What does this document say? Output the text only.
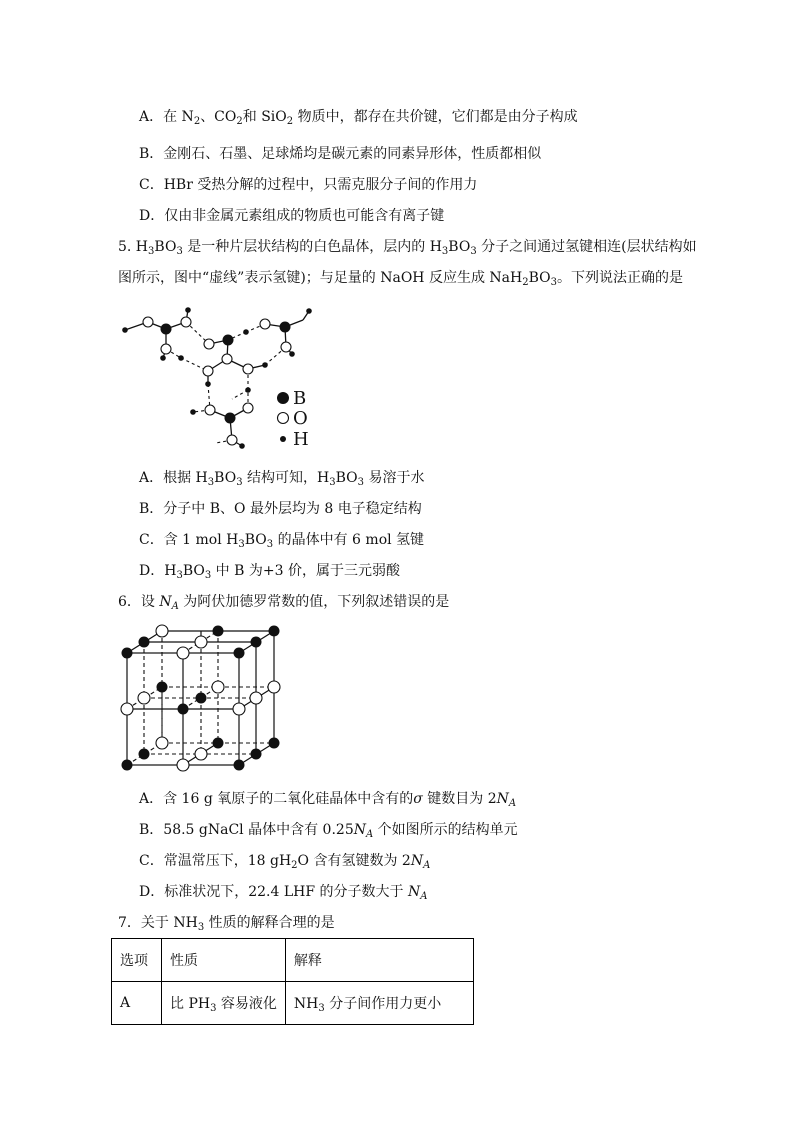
A．在 $N_2$、$CO_2$和 SiO$_2$ 物质中，都存在共价键，它们都是由分子构成
B．金刚石、石墨、足球烯均是碳元素的同素异形体，性质都相似
C．HBr 受热分解的过程中，只需克服分子间的作用力
D．仅由非金属元素组成的物质也可能含有离子键
5. $H_3BO_3$ 是一种片层状结构的白色晶体，层内的 $H_3BO_3$ 分子之间通过氢键相连(层状结构如
图所示，图中“虚线”表示氢键)；与足量的 NaOH 反应生成 $NaH_2BO_3$。下列说法正确的是
B
O
H
A．根据 $H_3BO_3$ 结构可知，$H_3BO_3$ 易溶于水
B．分子中 B、O 最外层均为 8 电子稳定结构
C．含 1 mol $H_3BO_3$ 的晶体中有 6 mol 氢键
D．$H_3BO_3$ 中 B 为+3 价，属于三元弱酸
6．设 $N_A$ 为阿伏加德罗常数的值，下列叙述错误的是
A．含 16 g 氧原子的二氧化硅晶体中含有的σ 键数目为 $2N_A$
B．58.5 gNaCl 晶体中含有 $0.25N_A$ 个如图所示的结构单元
C．常温常压下，18 $gH_2O$ 含有氢键数为 $2N_A$
D．标准状况下，22.4 LHF 的分子数大于 $N_A$
7．关于 $NH_3$ 性质的解释合理的是
选项	性质	解释
A	比 $PH_3$ 容易液化	$NH_3$ 分子间作用力更小
